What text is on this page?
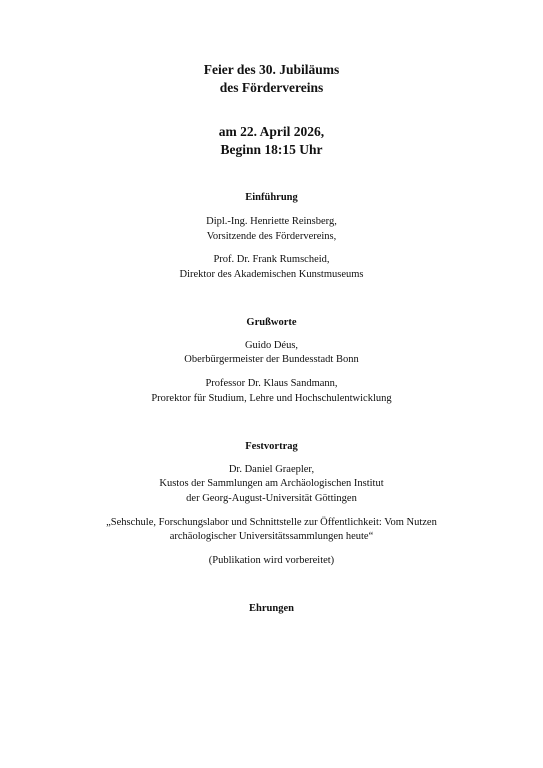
Feier des 30. Jubiläums
des Fördervereins
am 22. April 2026,
Beginn 18:15 Uhr
Einführung
Dipl.-Ing. Henriette Reinsberg,
Vorsitzende des Fördervereins,
Prof. Dr. Frank Rumscheid,
Direktor des Akademischen Kunstmuseums
Grußworte
Guido Déus,
Oberbürgermeister der Bundesstadt Bonn
Professor Dr. Klaus Sandmann,
Prorektor für Studium, Lehre und Hochschulentwicklung
Festvortrag
Dr. Daniel Graepler,
Kustos der Sammlungen am Archäologischen Institut
der Georg-August-Universität Göttingen
„Sehschule, Forschungslabor und Schnittstelle zur Öffentlichkeit: Vom Nutzen
archäologischer Universitätssammlungen heute“
(Publikation wird vorbereitet)
Ehrungen
